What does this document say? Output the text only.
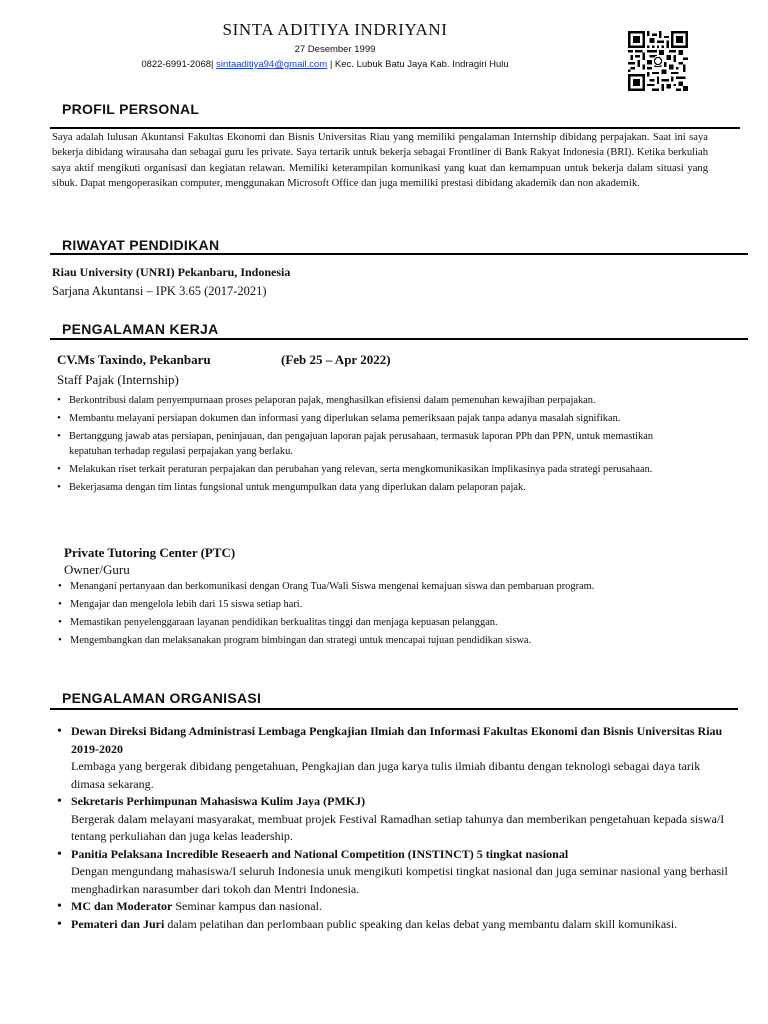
SINTA ADITIYA INDRIYANI
27 Desember 1999
0822-6991-2068| sintaaditiya94@gmail.com | Kec. Lubuk Batu Jaya Kab. Indragiri Hulu
PROFIL PERSONAL

Saya adalah lulusan Akuntansi Fakultas Ekonomi dan Bisnis Universitas Riau yang memiliki pengalaman Internship dibidang perpajakan. Saat ini saya bekerja dibidang wirausaha dan sebagai guru les private. Saya tertarik untuk bekerja sebagai Frontliner di Bank Rakyat Indonesia (BRI). Ketika berkuliah saya aktif mengikuti organisasi dan kegiatan relawan. Memiliki keterampilan komunikasi yang kuat dan kemampuan untuk bekerja dalam situasi yang sibuk. Dapat mengoperasikan computer, menggunakan Microsoft Office dan juga memiliki prestasi dibidang akademik dan non akademik.

RIWAYAT PENDIDIKAN
Riau University (UNRI) Pekanbaru, Indonesia
Sarjana Akuntansi – IPK 3.65 (2017-2021)
PENGALAMAN KERJA
CV.Ms Taxindo, Pekanbaru	(Feb 25 – Apr 2022)
Staff Pajak (Internship)
• Berkontribusi dalam penyempurnaan proses pelaporan pajak, menghasilkan efisiensi dalam pemenuhan kewajiban perpajakan.
• Membantu melayani persiapan dokumen dan informasi yang diperlukan selama pemeriksaan pajak tanpa adanya masalah signifikan.
• Bertanggung jawab atas persiapan, peninjauan, dan pengajuan laporan pajak perusahaan, termasuk laporan PPh dan PPN, untuk memastikan kepatuhan terhadap regulasi perpajakan yang berlaku.
• Melakukan riset terkait peraturan perpajakan dan perubahan yang relevan, serta mengkomunikasikan implikasinya pada strategi perusahaan.
• Bekerjasama dengan tim lintas fungsional untuk mengumpulkan data yang diperlukan dalam pelaporan pajak.
Private Tutoring Center (PTC)
Owner/Guru
• Menangani pertanyaan dan berkomunikasi dengan Orang Tua/Wali Siswa mengenai kemajuan siswa dan pembaruan program.
• Mengajar dan mengelola lebih dari 15 siswa setiap hari.
• Memastikan penyelenggaraan layanan pendidikan berkualitas tinggi dan menjaga kepuasan pelanggan.
• Mengembangkan dan melaksanakan program bimbingan dan strategi untuk mencapai tujuan pendidikan siswa.
PENGALAMAN ORGANISASI
• Dewan Direksi Bidang Administrasi Lembaga Pengkajian Ilmiah dan Informasi Fakultas Ekonomi dan Bisnis Universitas Riau 2019-2020
Lembaga yang bergerak dibidang pengetahuan, Pengkajian dan juga karya tulis ilmiah dibantu dengan teknologi sebagai daya tarik dimasa sekarang.
• Sekretaris Perhimpunan Mahasiswa Kulim Jaya (PMKJ)
Bergerak dalam melayani masyarakat, membuat projek Festival Ramadhan setiap tahunya dan memberikan pengetahuan kepada siswa/I tentang perkuliahan dan juga kelas leadership.
• Panitia Pelaksana Incredible Reseaerh and National Competition (INSTINCT) 5 tingkat nasional
Dengan mengundang mahasiswa/I seluruh Indonesia unuk mengikuti kompetisi tingkat nasional dan juga seminar nasional yang berhasil menghadirkan narasumber dari tokoh dan Mentri Indonesia.
• MC dan Moderator Seminar kampus dan nasional.
• Pemateri dan Juri dalam pelatihan dan perlombaan public speaking dan kelas debat yang membantu dalam skill komunikasi.
